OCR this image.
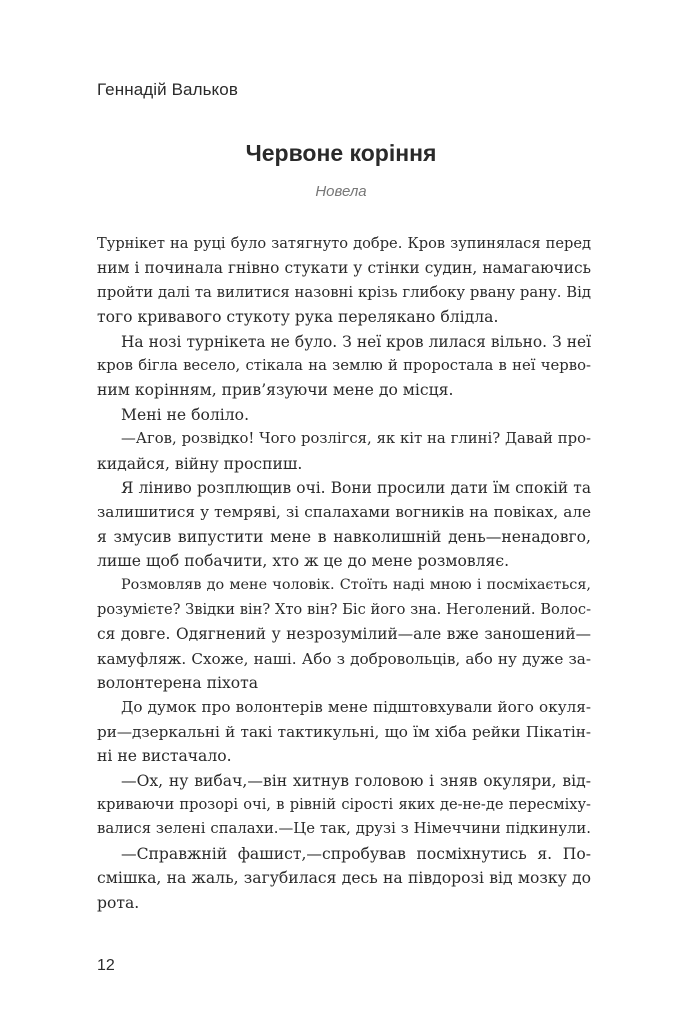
Геннадій Вальков
Червоне коріння
Новела
Турнікет на руці було затягнуто добре. Кров зупинялася перед
ним і починала гнівно стукати у стінки судин, намагаючись
пройти далі та вилитися назовні крізь глибоку рвану рану. Від
того кривавого стукоту рука перелякано блідла.
На нозі турнікета не було. З неї кров лилася вільно. З неї
кров бігла весело, стікала на землю й проростала в неї черво-
ним корінням, прив’язуючи мене до місця.
Мені не боліло.
—Агов, розвідко! Чого розлігся, як кіт на глині? Давай про-
кидайся, війну проспиш.
Я ліниво розплющив очі. Вони просили дати їм спокій та
залишитися у темряві, зі спалахами вогників на повіках, але
я змусив випустити мене в навколишній день—ненадовго,
лише щоб побачити, хто ж це до мене розмовляє.
Розмовляв до мене чоловік. Стоїть наді мною і посміхається,
розумієте? Звідки він? Хто він? Біс його зна. Неголений. Волос-
ся довге. Одягнений у незрозумілий—але вже заношений—
камуфляж. Схоже, наші. Або з добровольців, або ну дуже за-
волонтерена піхота
До думок про волонтерів мене підштовхували його окуля-
ри—дзеркальні й такі тактикульні, що їм хіба рейки Пікатін-
ні не вистачало.
—Ох, ну вибач,—він хитнув головою і зняв окуляри, від-
криваючи прозорі очі, в рівній сірості яких де-не-де пересміху-
валися зелені спалахи.—Це так, друзі з Німеччини підкинули.
—Справжній фашист,—спробував посміхнутись я. По-
смішка, на жаль, загубилася десь на півдорозі від мозку до
рота.
12
